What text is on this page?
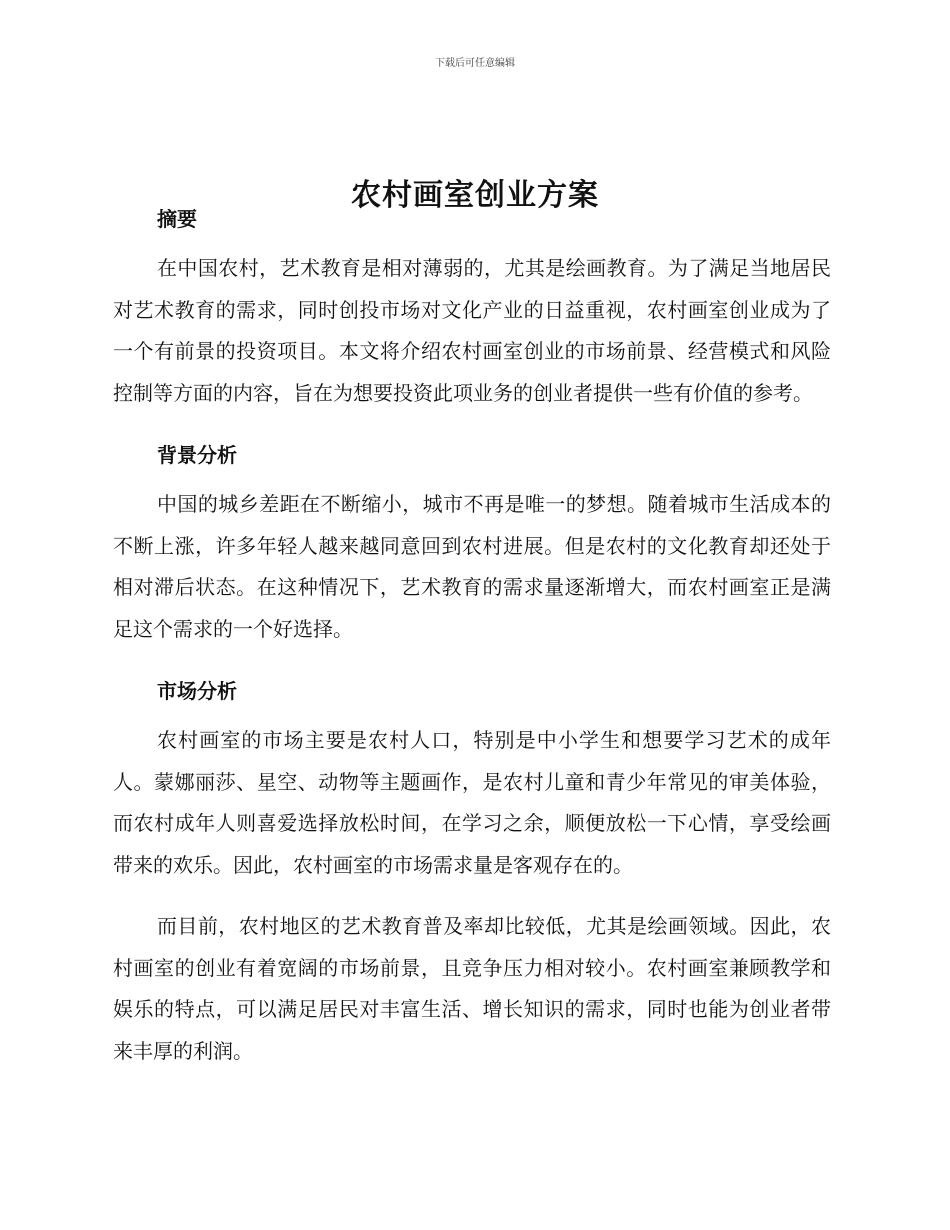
下载后可任意编辑
农村画室创业方案
摘要

在中国农村，艺术教育是相对薄弱的，尤其是绘画教育。为了满足当地居民对艺术教育的需求，同时创投市场对文化产业的日益重视，农村画室创业成为了一个有前景的投资项目。本文将介绍农村画室创业的市场前景、经营模式和风险控制等方面的内容，旨在为想要投资此项业务的创业者提供一些有价值的参考。

背景分析

中国的城乡差距在不断缩小，城市不再是唯一的梦想。随着城市生活成本的不断上涨，许多年轻人越来越同意回到农村进展。但是农村的文化教育却还处于相对滞后状态。在这种情况下，艺术教育的需求量逐渐增大，而农村画室正是满足这个需求的一个好选择。

市场分析

农村画室的市场主要是农村人口，特别是中小学生和想要学习艺术的成年人。蒙娜丽莎、星空、动物等主题画作，是农村儿童和青少年常见的审美体验，而农村成年人则喜爱选择放松时间，在学习之余，顺便放松一下心情，享受绘画带来的欢乐。因此，农村画室的市场需求量是客观存在的。

而目前，农村地区的艺术教育普及率却比较低，尤其是绘画领域。因此，农村画室的创业有着宽阔的市场前景，且竞争压力相对较小。农村画室兼顾教学和娱乐的特点，可以满足居民对丰富生活、增长知识的需求，同时也能为创业者带来丰厚的利润。
